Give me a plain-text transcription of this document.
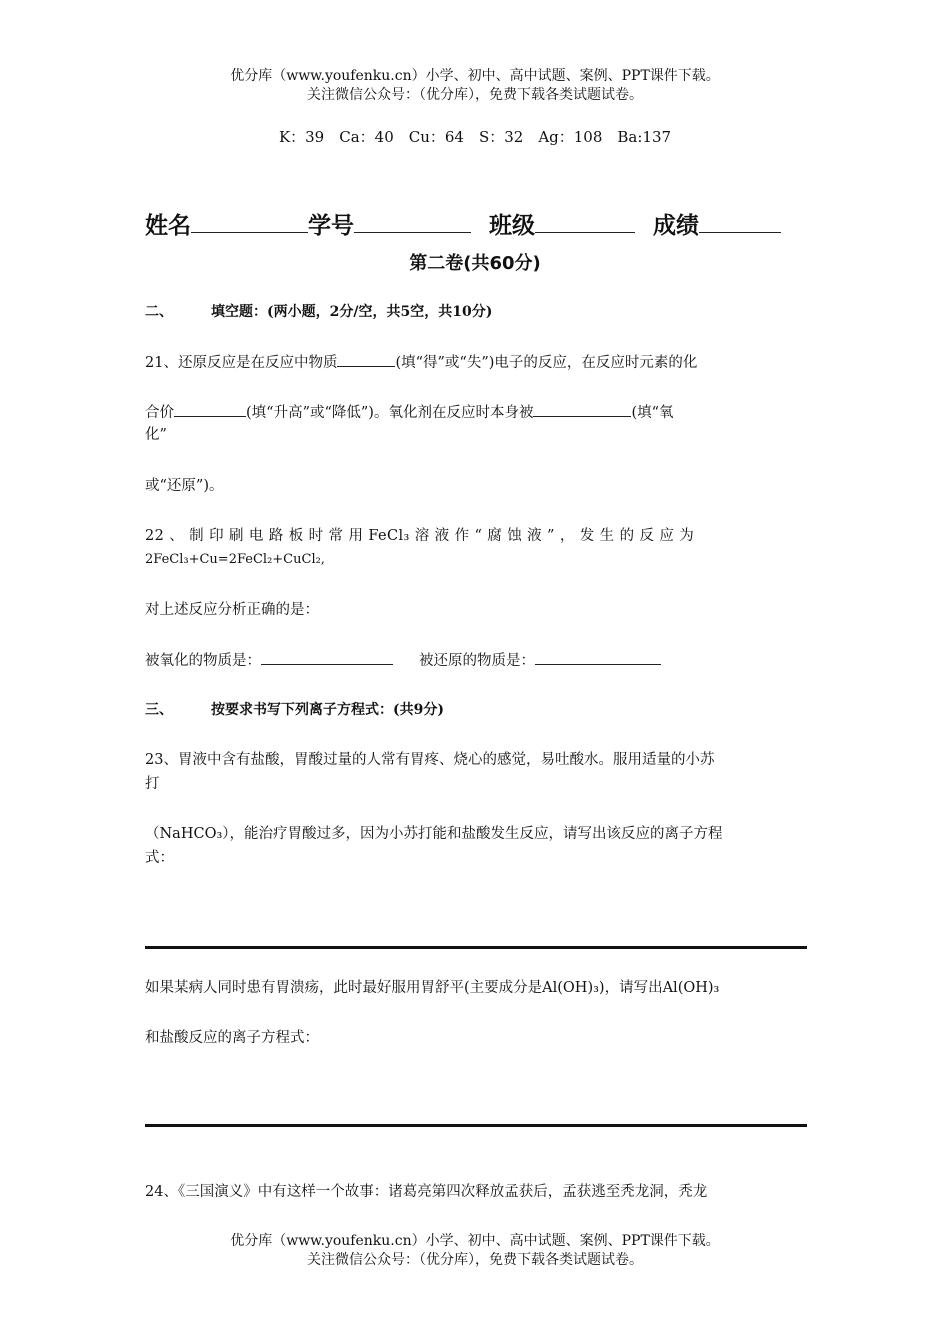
优分库（www.youfenku.cn）小学、初中、高中试题、案例、PPT课件下载。
关注微信公众号：（优分库），免费下载各类试题试卷。
K：39　Ca：40　Cu：64　S：32　Ag：108　Ba:137
姓名	学号	班级	成绩
第二卷(共60分)
二、	填空题：(两小题，2分/空，共5空，共10分)
21、还原反应是在反应中物质	(填“得”或“失”)电子的反应，在反应时元素的化
合价	(填“升高”或“降低”)。氧化剂在反应时本身被	(填“氧
化”
或“还原”)。
22 、 制 印 刷 电 路 板 时 常 用 FeCl₃ 溶 液 作 “ 腐 蚀 液 ” ， 发 生 的 反 应 为
2FeCl₃+Cu=2FeCl₂+CuCl₂,
对上述反应分析正确的是：
被氧化的物质是：	被还原的物质是：
三、	按要求书写下列离子方程式：(共9分)
23、胃液中含有盐酸，胃酸过量的人常有胃疼、烧心的感觉，易吐酸水。服用适量的小苏
打
（NaHCO₃），能治疗胃酸过多，因为小苏打能和盐酸发生反应，请写出该反应的离子方程
式：
如果某病人同时患有胃溃疡，此时最好服用胃舒平(主要成分是Al(OH)₃)，请写出Al(OH)₃
和盐酸反应的离子方程式：
24、《三国演义》中有这样一个故事：诸葛亮第四次释放孟获后，孟获逃至秃龙洞，秃龙
优分库（www.youfenku.cn）小学、初中、高中试题、案例、PPT课件下载。
关注微信公众号：（优分库），免费下载各类试题试卷。
